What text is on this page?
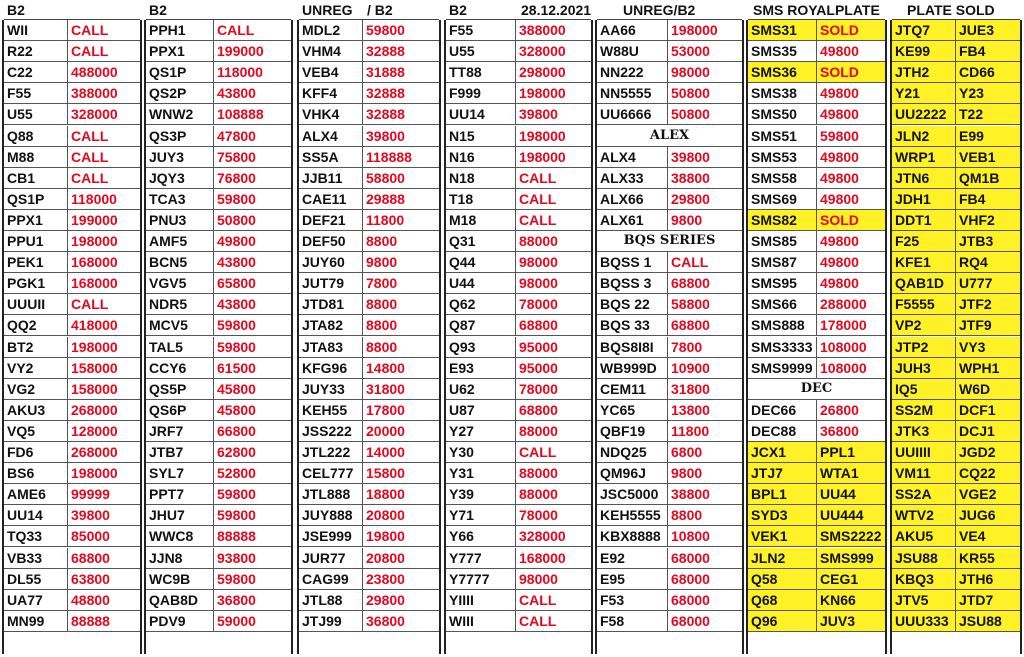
B2	B2	UNREG / B2	B2	28.12.2021 UNREG/B2	SMS ROYALPLATE PLATE SOLD
WII	CALL
R22	CALL
C22	488000
F55	388000
U55	328000
Q88	CALL
M88	CALL
CB1	CALL
QS1P	118000
PPX1	199000
PPU1	198000
PEK1	168000
PGK1	168000
UUUII	CALL
QQ2	418000
BT2	198000
VY2	158000
VG2	158000
AKU3	268000
VQ5	128000
FD6	268000
BS6	198000
AME6	99999
UU14	39800
TQ33	85000
VB33	68800
DL55	63800
UA77	48800
MN99	88888
PPH1	CALL
PPX1	199000
QS1P	118000
QS2P	43800
WNW2	108888
QS3P	47800
JUY3	75800
JQY3	76800
TCA3	59800
PNU3	50800
AMF5	49800
BCN5	43800
VGV5	65800
NDR5	43800
MCV5	59800
TAL5	59800
CCY6	61500
QS5P	45800
QS6P	45800
JRF7	66800
JTB7	62800
SYL7	52800
PPT7	59800
JHU7	59800
WWC8	88888
JJN8	93800
WC9B	59800
QAB8D	36800
PDV9	59000
MDL2	59800
VHM4	32888
VEB4	31888
KFF4	32888
VHK4	32888
ALX4	39800
SS5A	118888
JJB11	58800
CAE11	29888
DEF21	11800
DEF50	8800
JUY60	9800
JUT79	7800
JTD81	8800
JTA82	8800
JTA83	8800
KFG96	14800
JUY33	31800
KEH55	17800
JSS222	20000
JTL222	14000
CEL777 15800
JTL888	18800
JUY888 20800
JSE999	19800
JUR77	20800
CAG99	23800
JTL88	29800
JTJ99	36800
F55	388000
U55	328000
TT88	298000
F999	198000
UU14	39800
N15	198000
N16	198000
N18	CALL
T18	CALL
M18	CALL
Q31	88000
Q44	98000
U44	98000
Q62	78000
Q87	68800
Q93	95000
E93	95000
U62	78000
U87	68800
Y27	88000
Y30	CALL
Y31	88000
Y39	88000
Y71	78000
Y66	328000
Y777	168000
Y7777	98000
YIIII	CALL
WIII	CALL
AA66	198000
W88U	53000
NN222	98000
NN5555	50800
UU6666	50800
ALEX
ALX4	39800
ALX33	38800
ALX66	29800
ALX61	9800
BQS SERIES
BQSS 1	CALL
BQSS 3	68800
BQS 22	58800
BQS 33	68800
BQS8I8I	7800
WB999D	10900
CEM11	31800
YC65	13800
QBF19	11800
NDQ25	6800
QM96J	9800
JSC5000 38800
KEH5555 8800
KBX8888 10800
E92	68000
E95	68000
F53	68000
F58	68000
SMS31	SOLD
SMS35	49800
SMS36	SOLD
SMS38	49800
SMS50	49800
SMS51	59800
SMS53	49800
SMS58	49800
SMS69	49800
SMS82	SOLD
SMS85	49800
SMS87	49800
SMS95	49800
SMS66	288000
SMS888	178000
SMS3333 108000
SMS9999 108000
DEC
DEC66	26800
DEC88	36800
JCX1	PPL1
JTJ7	WTA1
BPL1	UU44
SYD3	UU444
VEK1	SMS2222
JLN2	SMS999
Q58	CEG1
Q68	KN66
Q96	JUV3
JTQ7	JUE3
KE99	FB4
JTH2	CD66
Y21	Y23
UU2222 T22
JLN2	E99
WRP1	VEB1
JTN6	QM1B
JDH1	FB4
DDT1	VHF2
F25	JTB3
KFE1	RQ4
QAB1D	U777
F5555	JTF2
VP2	JTF9
JTP2	VY3
JUH3	WPH1
IQ5	W6D
SS2M	DCF1
JTK3	DCJ1
UUIIII	JGD2
VM11	CQ22
SS2A	VGE2
WTV2	JUG6
AKU5	VE4
JSU88	KR55
KBQ3	JTH6
JTV5	JTD7
UUU333 JSU88
